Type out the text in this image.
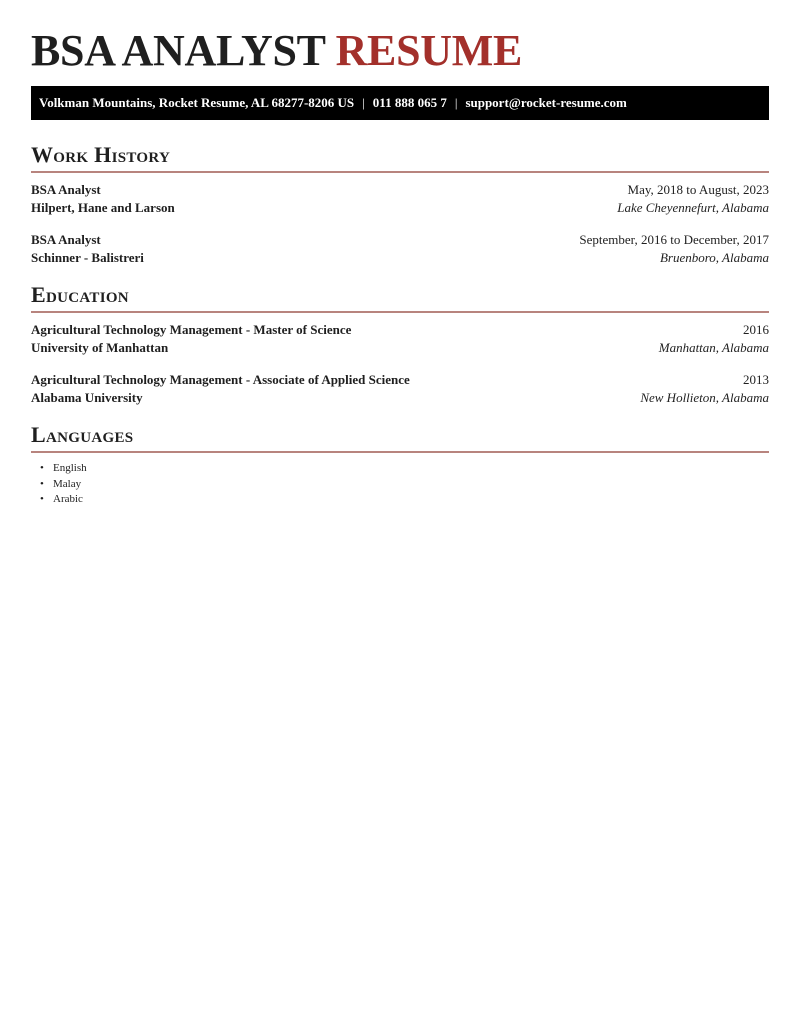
BSA ANALYST RESUME
Volkman Mountains, Rocket Resume, AL 68277-8206 US | 011 888 065 7 | support@rocket-resume.com
Work History
BSA Analyst	May, 2018 to August, 2023
Hilpert, Hane and Larson	Lake Cheyennefurt, Alabama
BSA Analyst	September, 2016 to December, 2017
Schinner - Balistreri	Bruenboro, Alabama
Education
Agricultural Technology Management - Master of Science	2016
University of Manhattan	Manhattan, Alabama
Agricultural Technology Management - Associate of Applied Science	2013
Alabama University	New Hollieton, Alabama
Languages
• English
• Malay
• Arabic
